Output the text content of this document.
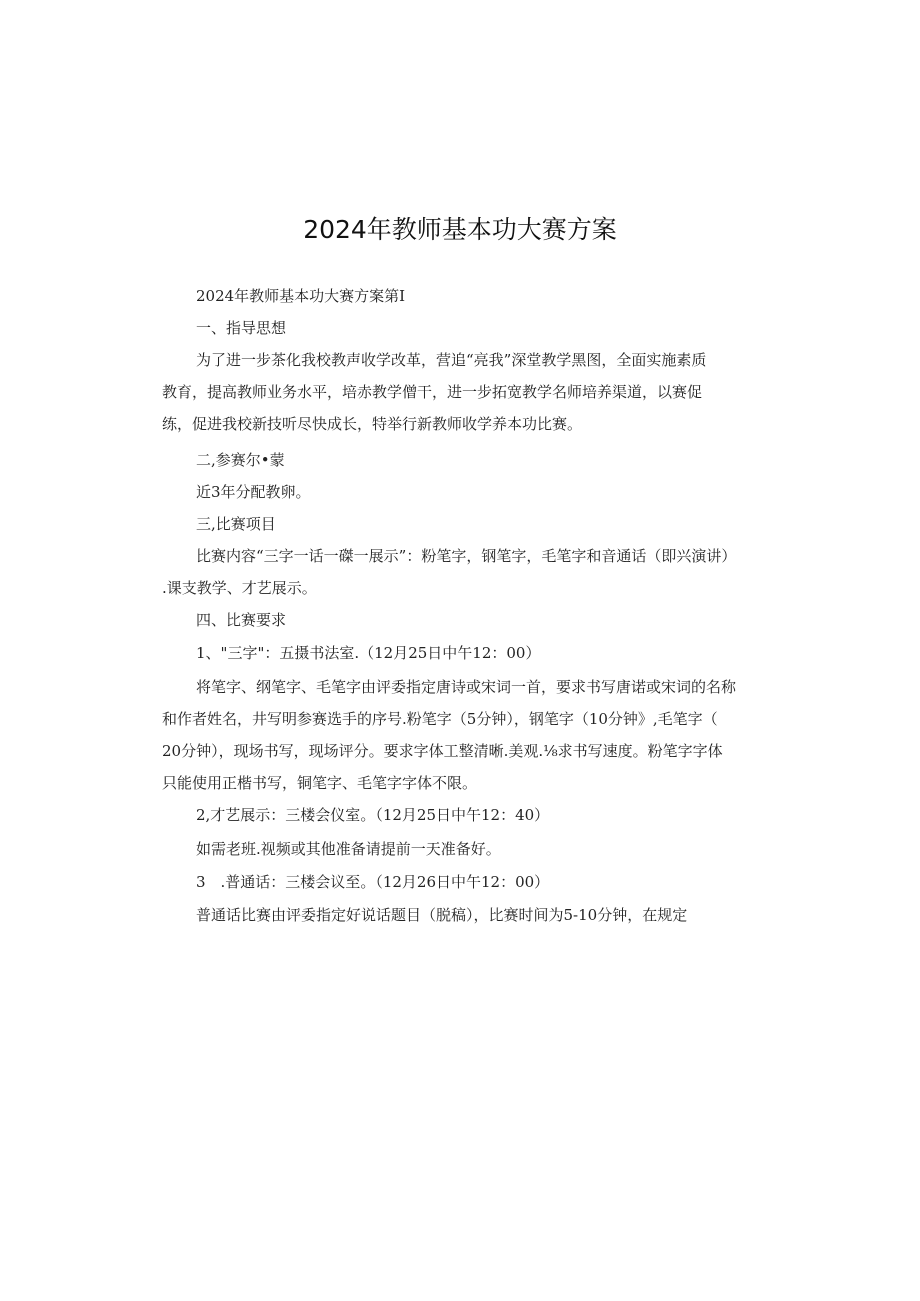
2024年教师基本功大赛方案
2024年教师基本功大赛方案第I
一、指导思想
为了进一步茶化我校教声收学改革，营追“亮我”深堂教学黑图，全面实施素质
教育，提高教师业务水平，培赤教学僧干，进一步拓宽教学名师培养渠道，以赛促
练，促进我校新技听尽快成长，特举行新教师收学养本功比赛。
二,参赛尔•蒙
近3年分配教卵。
三,比赛项目
比赛内容“三字一话一磔一展示”：粉笔字，钢笔字，毛笔字和音通话（即兴演讲）
.课支教学、才艺展示。
四、比赛要求
1、"三字"：五摄书法室.（12月25日中午12：00）
将笔字、纲笔字、毛笔字由评委指定唐诗或宋词一首，要求书写唐诺或宋词的名称
和作者姓名，井写明参赛选手的序号.粉笔字（5分钟），钢笔字（10分钟》,毛笔字（
20分钟），现场书写，现场评分。要求字体工整清晰.美观.⅛求书写速度。粉笔字字体
只能使用正楷书写，铜笔字、毛笔字字体不限。
2,才艺展示：三楼会仪室。（12月25日中午12：40）
如需老班.视频或其他准备请提前一天准备好。
3　.普通话：三楼会议至。（12月26日中午12：00）
普通话比赛由评委指定好说话题目（脱稿），比赛时间为5-10分钟，在规定
